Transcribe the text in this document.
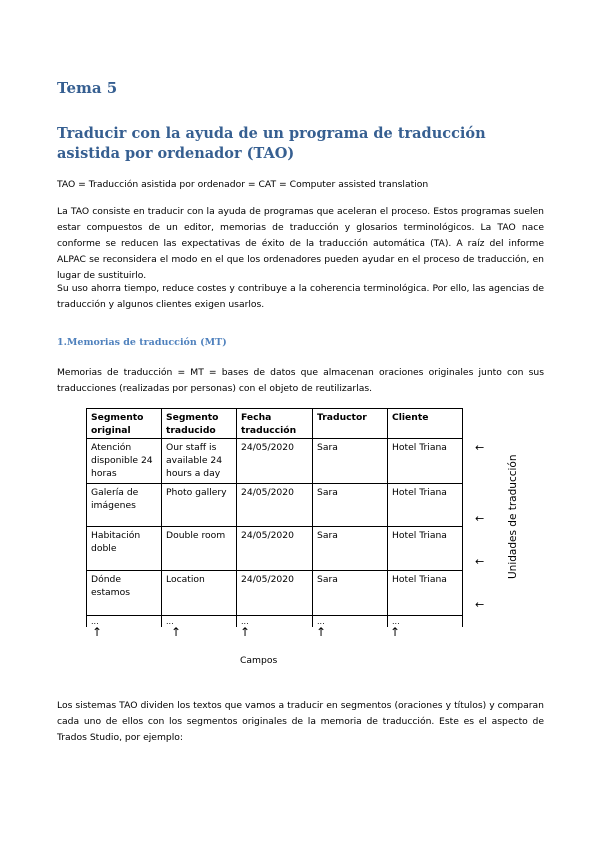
Tema 5
Traducir con la ayuda de un programa de traducción asistida por ordenador (TAO)
TAO = Traducción asistida por ordenador = CAT = Computer assisted translation
La TAO consiste en traducir con la ayuda de programas que aceleran el proceso. Estos programas suelen estar compuestos de un editor, memorias de traducción y glosarios terminológicos. La TAO nace conforme se reducen las expectativas de éxito de la traducción automática (TA). A raíz del informe ALPAC se reconsidera el modo en el que los ordenadores pueden ayudar en el proceso de traducción, en lugar de sustituirlo.
Su uso ahorra tiempo, reduce costes y contribuye a la coherencia terminológica. Por ello, las agencias de traducción y algunos clientes exigen usarlos.
1.Memorias de traducción (MT)
Memorias de traducción = MT = bases de datos que almacenan oraciones originales junto con sus traducciones (realizadas por personas) con el objeto de reutilizarlas.
Segmento original	Segmento traducido	Fecha traducción	Traductor	Cliente
Atención disponible 24 horas	Our staff is available 24 hours a day	24/05/2020	Sara	Hotel Triana
Galería de imágenes	Photo gallery	24/05/2020	Sara	Hotel Triana
Habitación doble	Double room	24/05/2020	Sara	Hotel Triana
Dónde estamos	Location	24/05/2020	Sara	Hotel Triana
...	...	...	...	...
↑	↑	↑	↑	↑
←
←
←
←
Unidades de traducción
Campos
Los sistemas TAO dividen los textos que vamos a traducir en segmentos (oraciones y títulos) y comparan cada uno de ellos con los segmentos originales de la memoria de traducción. Este es el aspecto de Trados Studio, por ejemplo:
